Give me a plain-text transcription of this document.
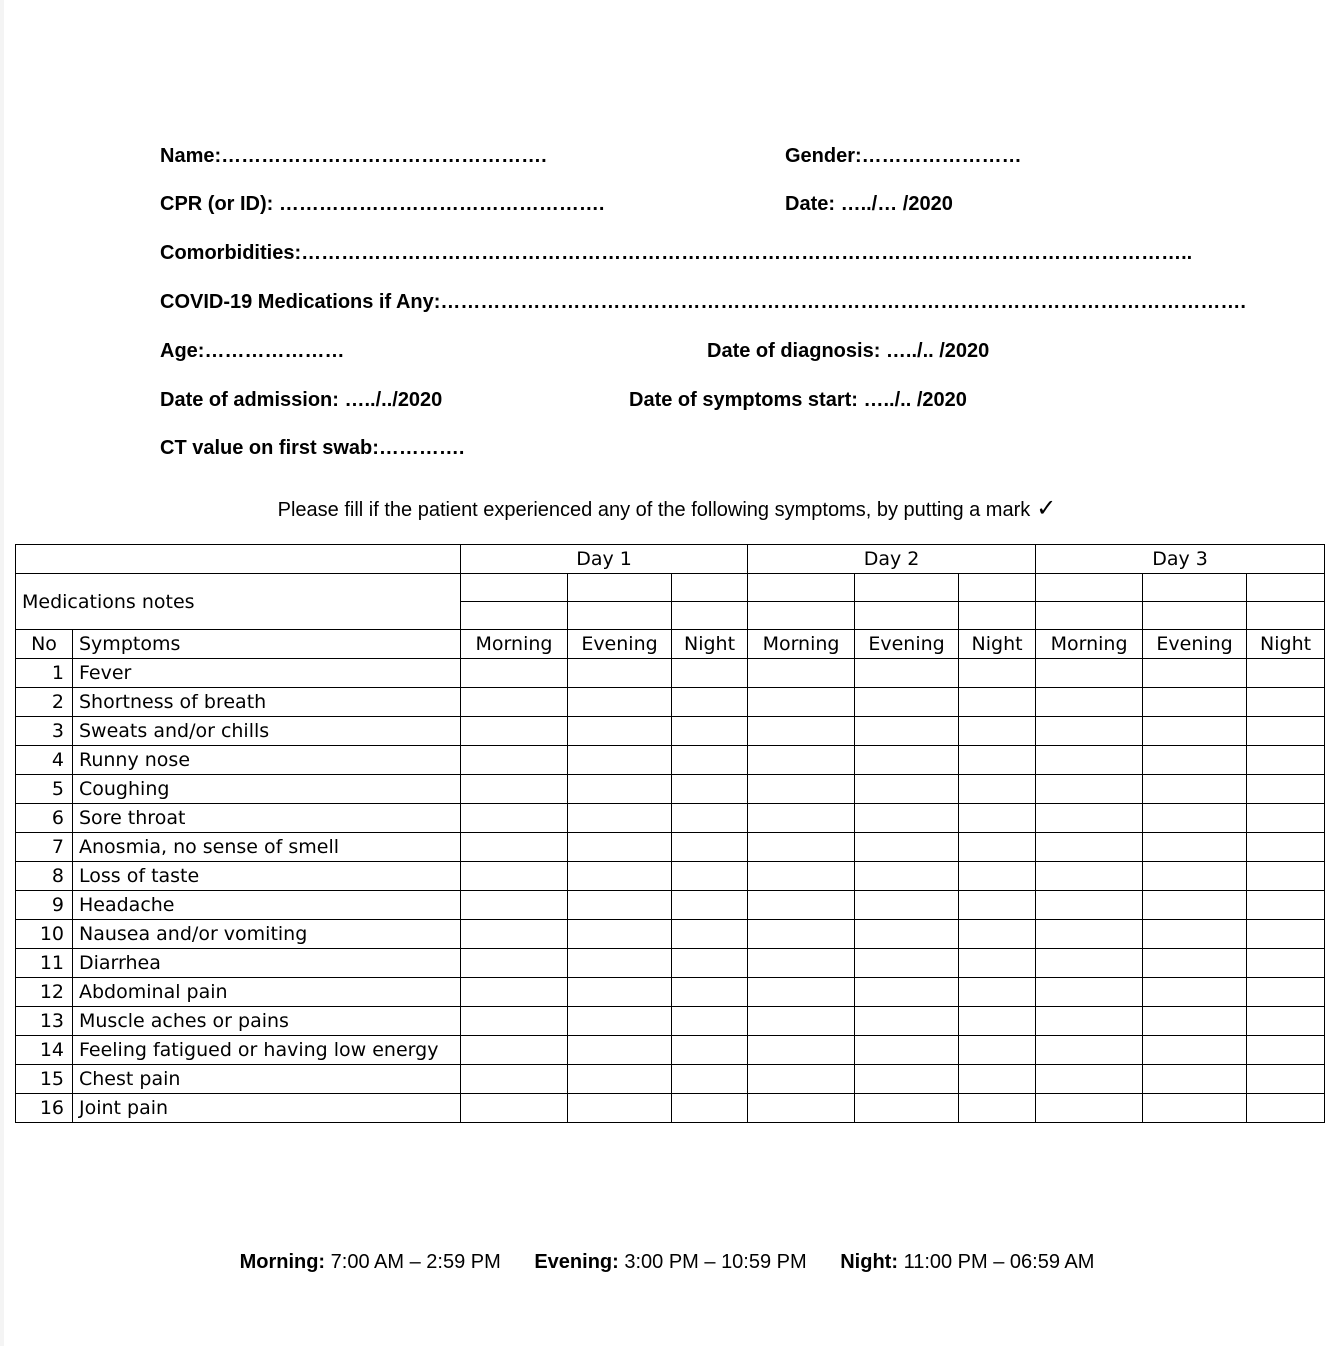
Name:………………………………………….	Gender:……………………
CPR (or ID): ………………………………………….	Date: …../… /2020
Comorbidities:……………………………………………………………………………………………………………………..
COVID-19 Medications if Any:………………………………………………………………………………………………………….
Age:…………………	Date of diagnosis: …../.. /2020
Date of admission: …../../2020	Date of symptoms start: …../.. /2020
CT value on first swab:………….
Please fill if the patient experienced any of the following symptoms, by putting a mark ✓
		Day 1			Day 2			Day 3		
Medications notes										

No	Symptoms	Morning	Evening	Night	Morning	Evening	Night	Morning	Evening	Night
1	Fever									
2	Shortness of breath									
3	Sweats and/or chills									
4	Runny nose									
5	Coughing									
6	Sore throat									
7	Anosmia, no sense of smell									
8	Loss of taste									
9	Headache									
10	Nausea and/or vomiting									
11	Diarrhea									
12	Abdominal pain									
13	Muscle aches or pains									
14	Feeling fatigued or having low energy									
15	Chest pain									
16	Joint pain									
Morning: 7:00 AM – 2:59 PM Evening: 3:00 PM – 10:59 PM Night: 11:00 PM – 06:59 AM
